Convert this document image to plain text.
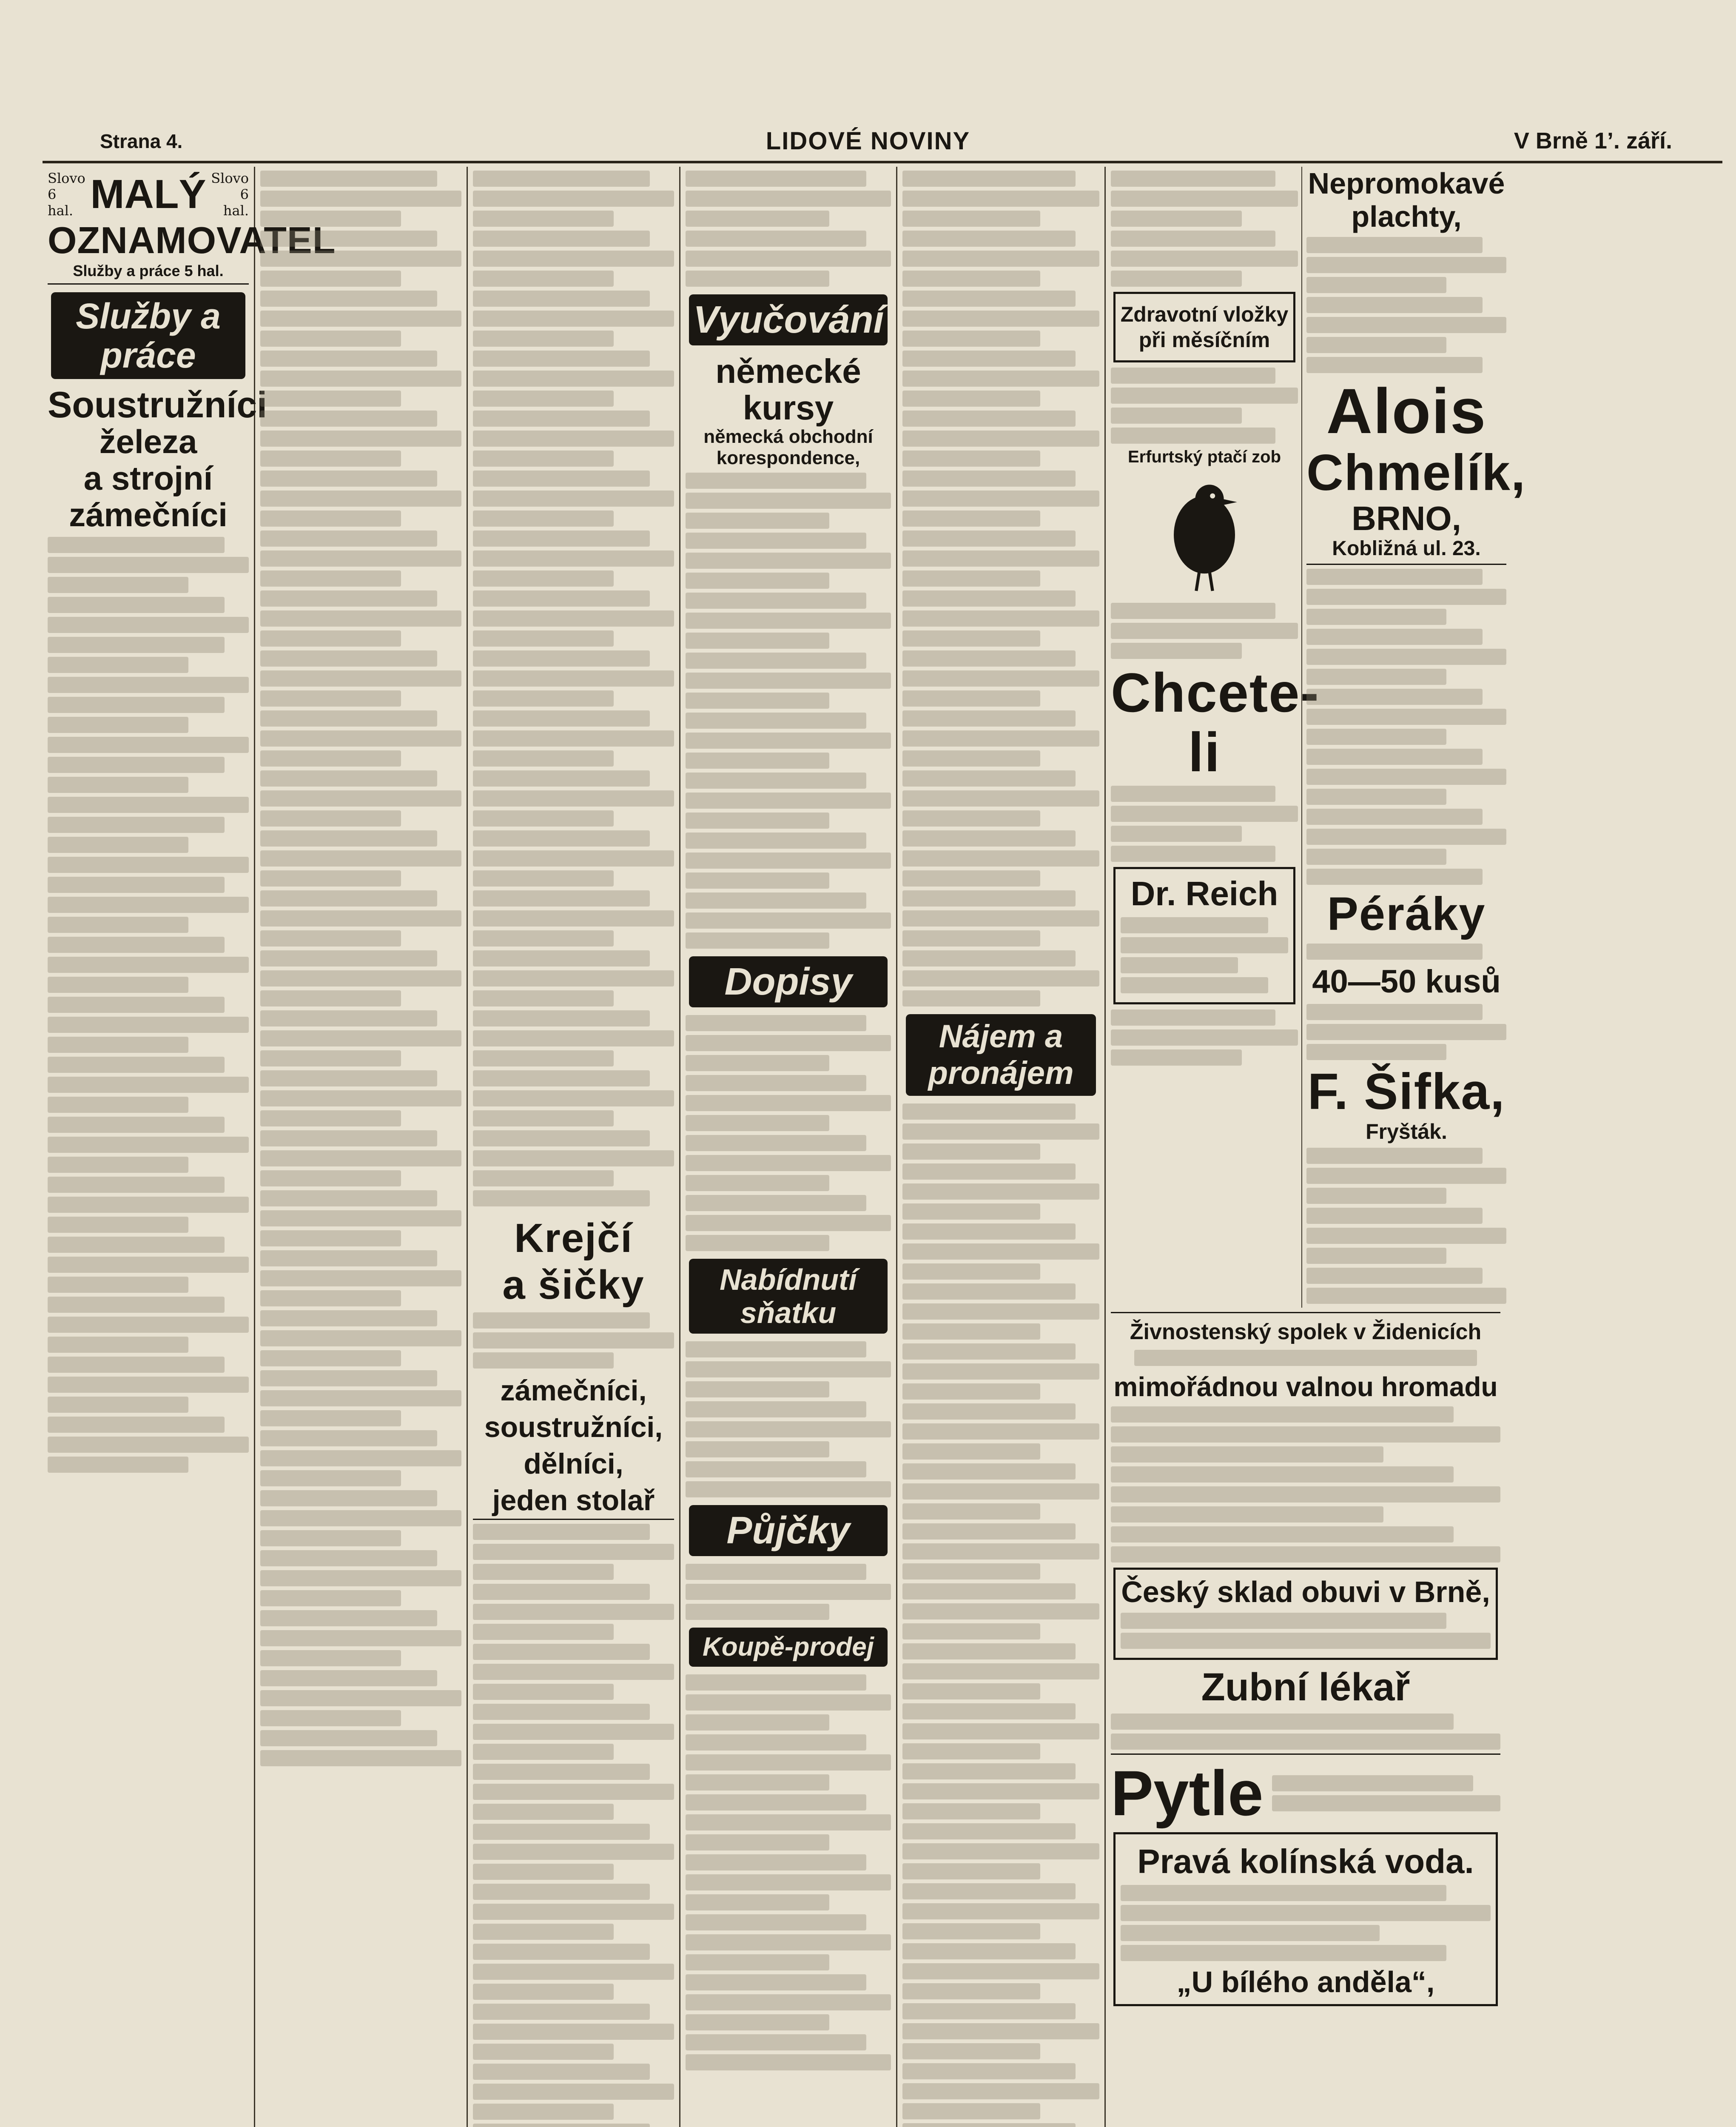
Strana 4.	LIDOVÉ NOVINY	V Brně 1’. září.
Slovo 6 hal. MALÝ Slovo 6 hal.
OZNAMOVATEL
Služby a práce 5 hal.
Služby a práce
Soustružníci
železa
a strojní
zámečníci
Krejčí
a šičky
zámečníci,
soustružníci,
dělníci,
jeden stolař
Vyučování
německé
kursy
německá obchodní korespondence,
Dopisy
Nabídnutí sňatku
Půjčky
Koupě-prodej
Nájem a pronájem
Zdravotní vložky
při měsíčním
Erfurtský ptačí zob
Chcete-li
Dr. Reich
Nepromokavé
plachty,
Alois
Chmelík,
BRNO,
Kobližná ul. 23.
Péráky
40—50 kusů
F. Šifka,
Fryšták.
Živnostenský spolek v Židenicích
mimořádnou valnou hromadu
Český sklad obuvi v Brně,
Zubní lékař
Pytle
Pravá kolínská voda.
„U bílého anděla“,
